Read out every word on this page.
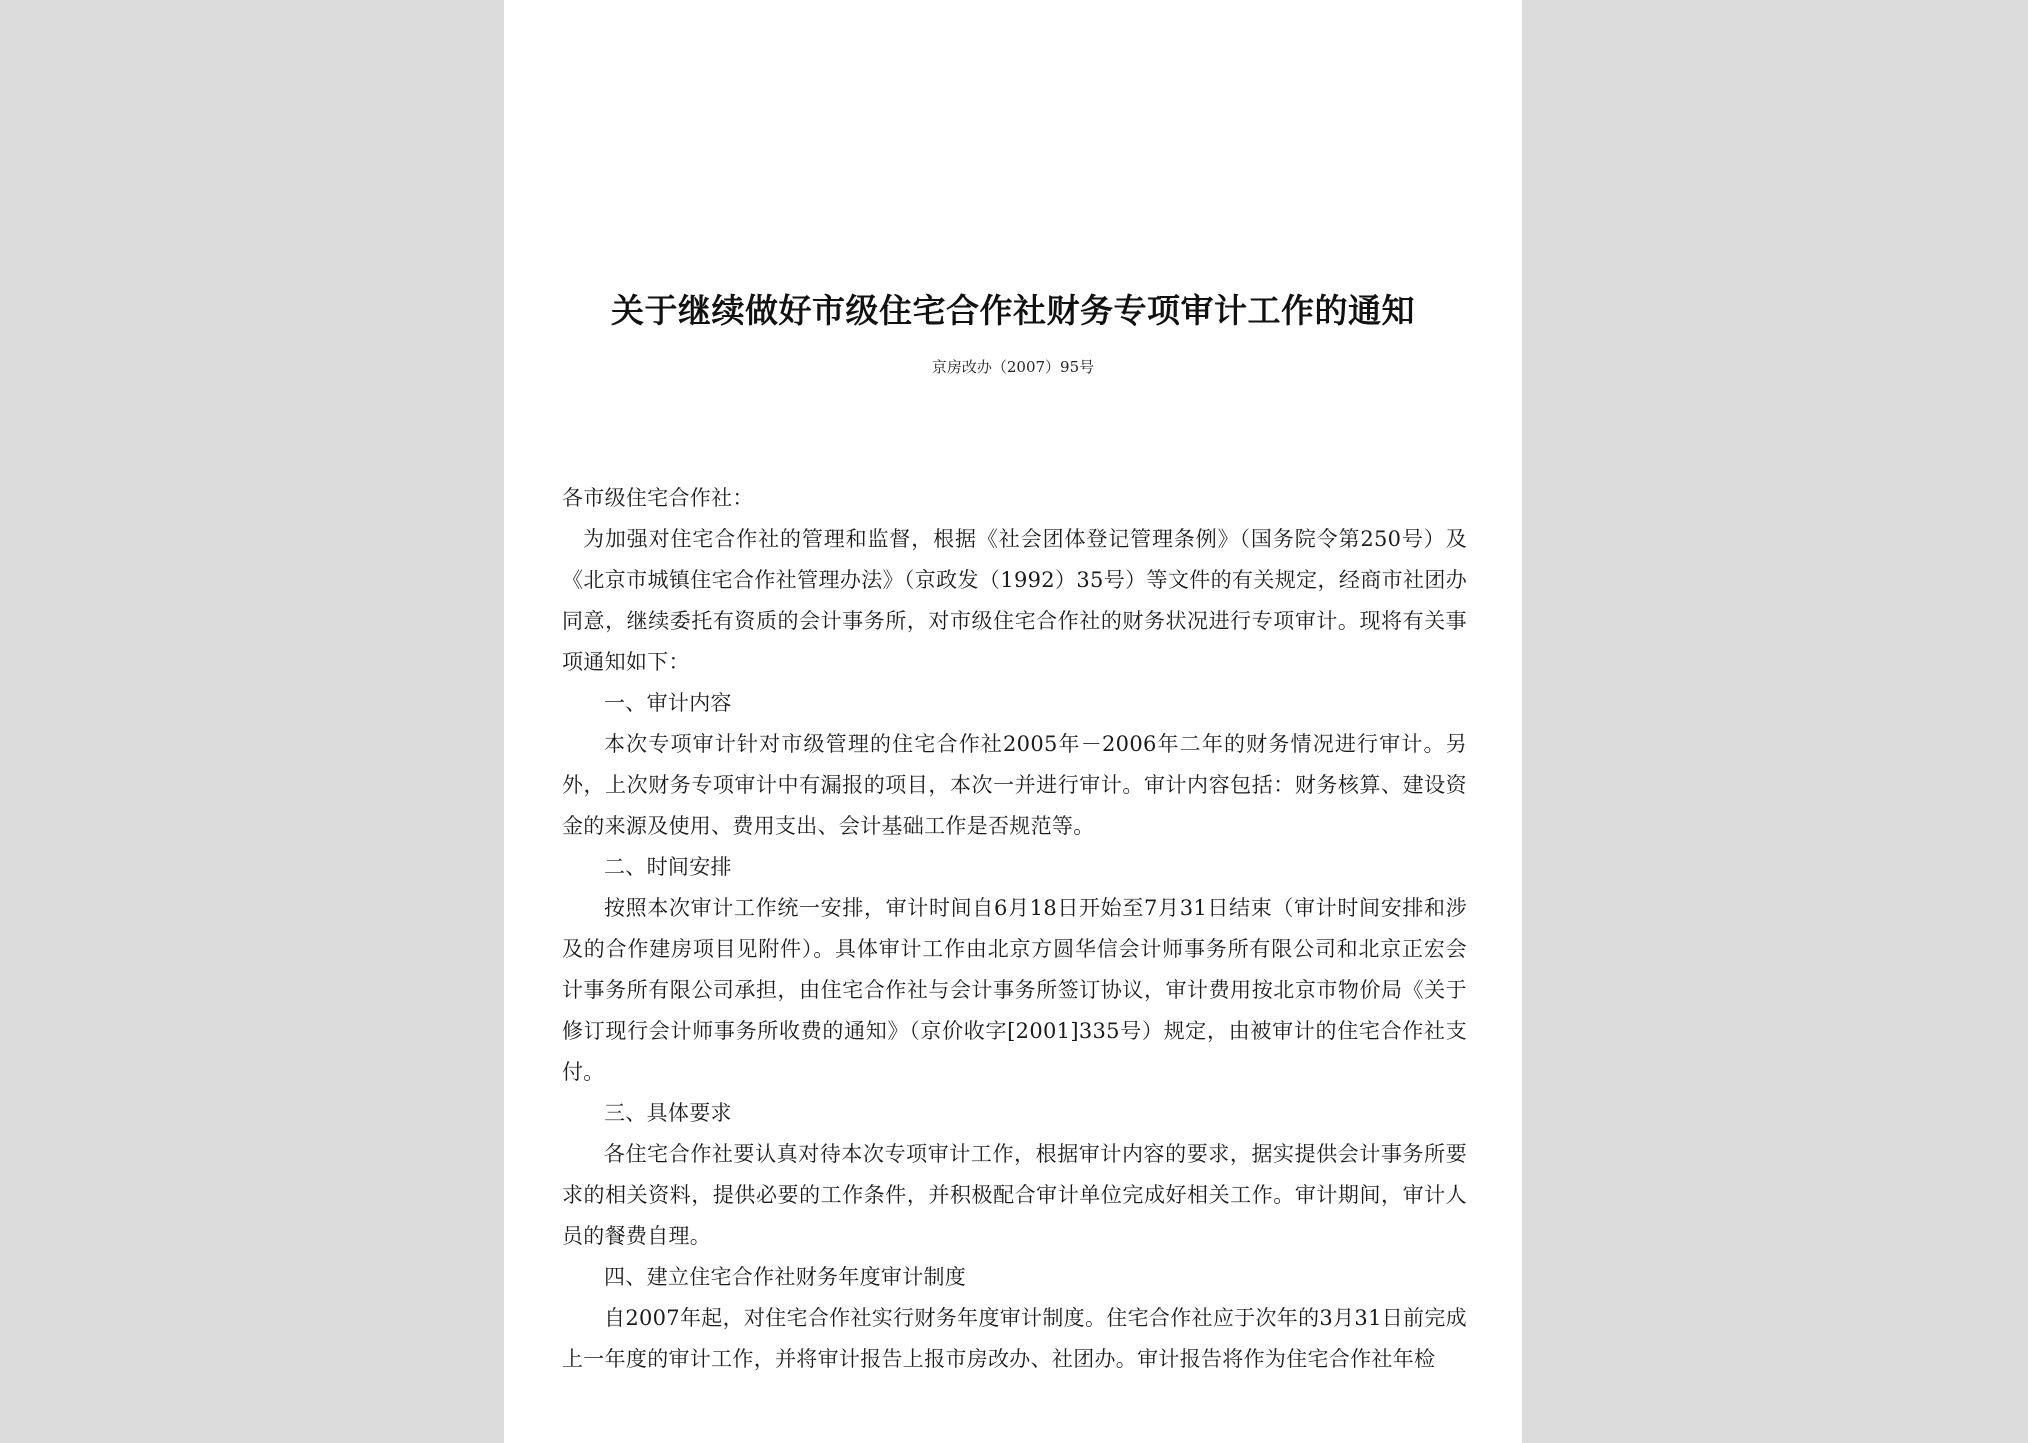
关于继续做好市级住宅合作社财务专项审计工作的通知
京房改办（2007）95号

各市级住宅合作社：

为加强对住宅合作社的管理和监督，根据《社会团体登记管理条例》（国务院令第250号）及《北京市城镇住宅合作社管理办法》（京政发（1992）35号）等文件的有关规定，经商市社团办同意，继续委托有资质的会计事务所，对市级住宅合作社的财务状况进行专项审计。现将有关事项通知如下：

一、审计内容

本次专项审计针对市级管理的住宅合作社2005年－2006年二年的财务情况进行审计。另外，上次财务专项审计中有漏报的项目，本次一并进行审计。审计内容包括：财务核算、建设资金的来源及使用、费用支出、会计基础工作是否规范等。

二、时间安排

按照本次审计工作统一安排，审计时间自6月18日开始至7月31日结束（审计时间安排和涉及的合作建房项目见附件）。具体审计工作由北京方圆华信会计师事务所有限公司和北京正宏会计事务所有限公司承担，由住宅合作社与会计事务所签订协议，审计费用按北京市物价局《关于修订现行会计师事务所收费的通知》（京价收字[2001]335号）规定，由被审计的住宅合作社支付。

三、具体要求

各住宅合作社要认真对待本次专项审计工作，根据审计内容的要求，据实提供会计事务所要求的相关资料，提供必要的工作条件，并积极配合审计单位完成好相关工作。审计期间，审计人员的餐费自理。

四、建立住宅合作社财务年度审计制度

自2007年起，对住宅合作社实行财务年度审计制度。住宅合作社应于次年的3月31日前完成上一年度的审计工作，并将审计报告上报市房改办、社团办。审计报告将作为住宅合作社年检
